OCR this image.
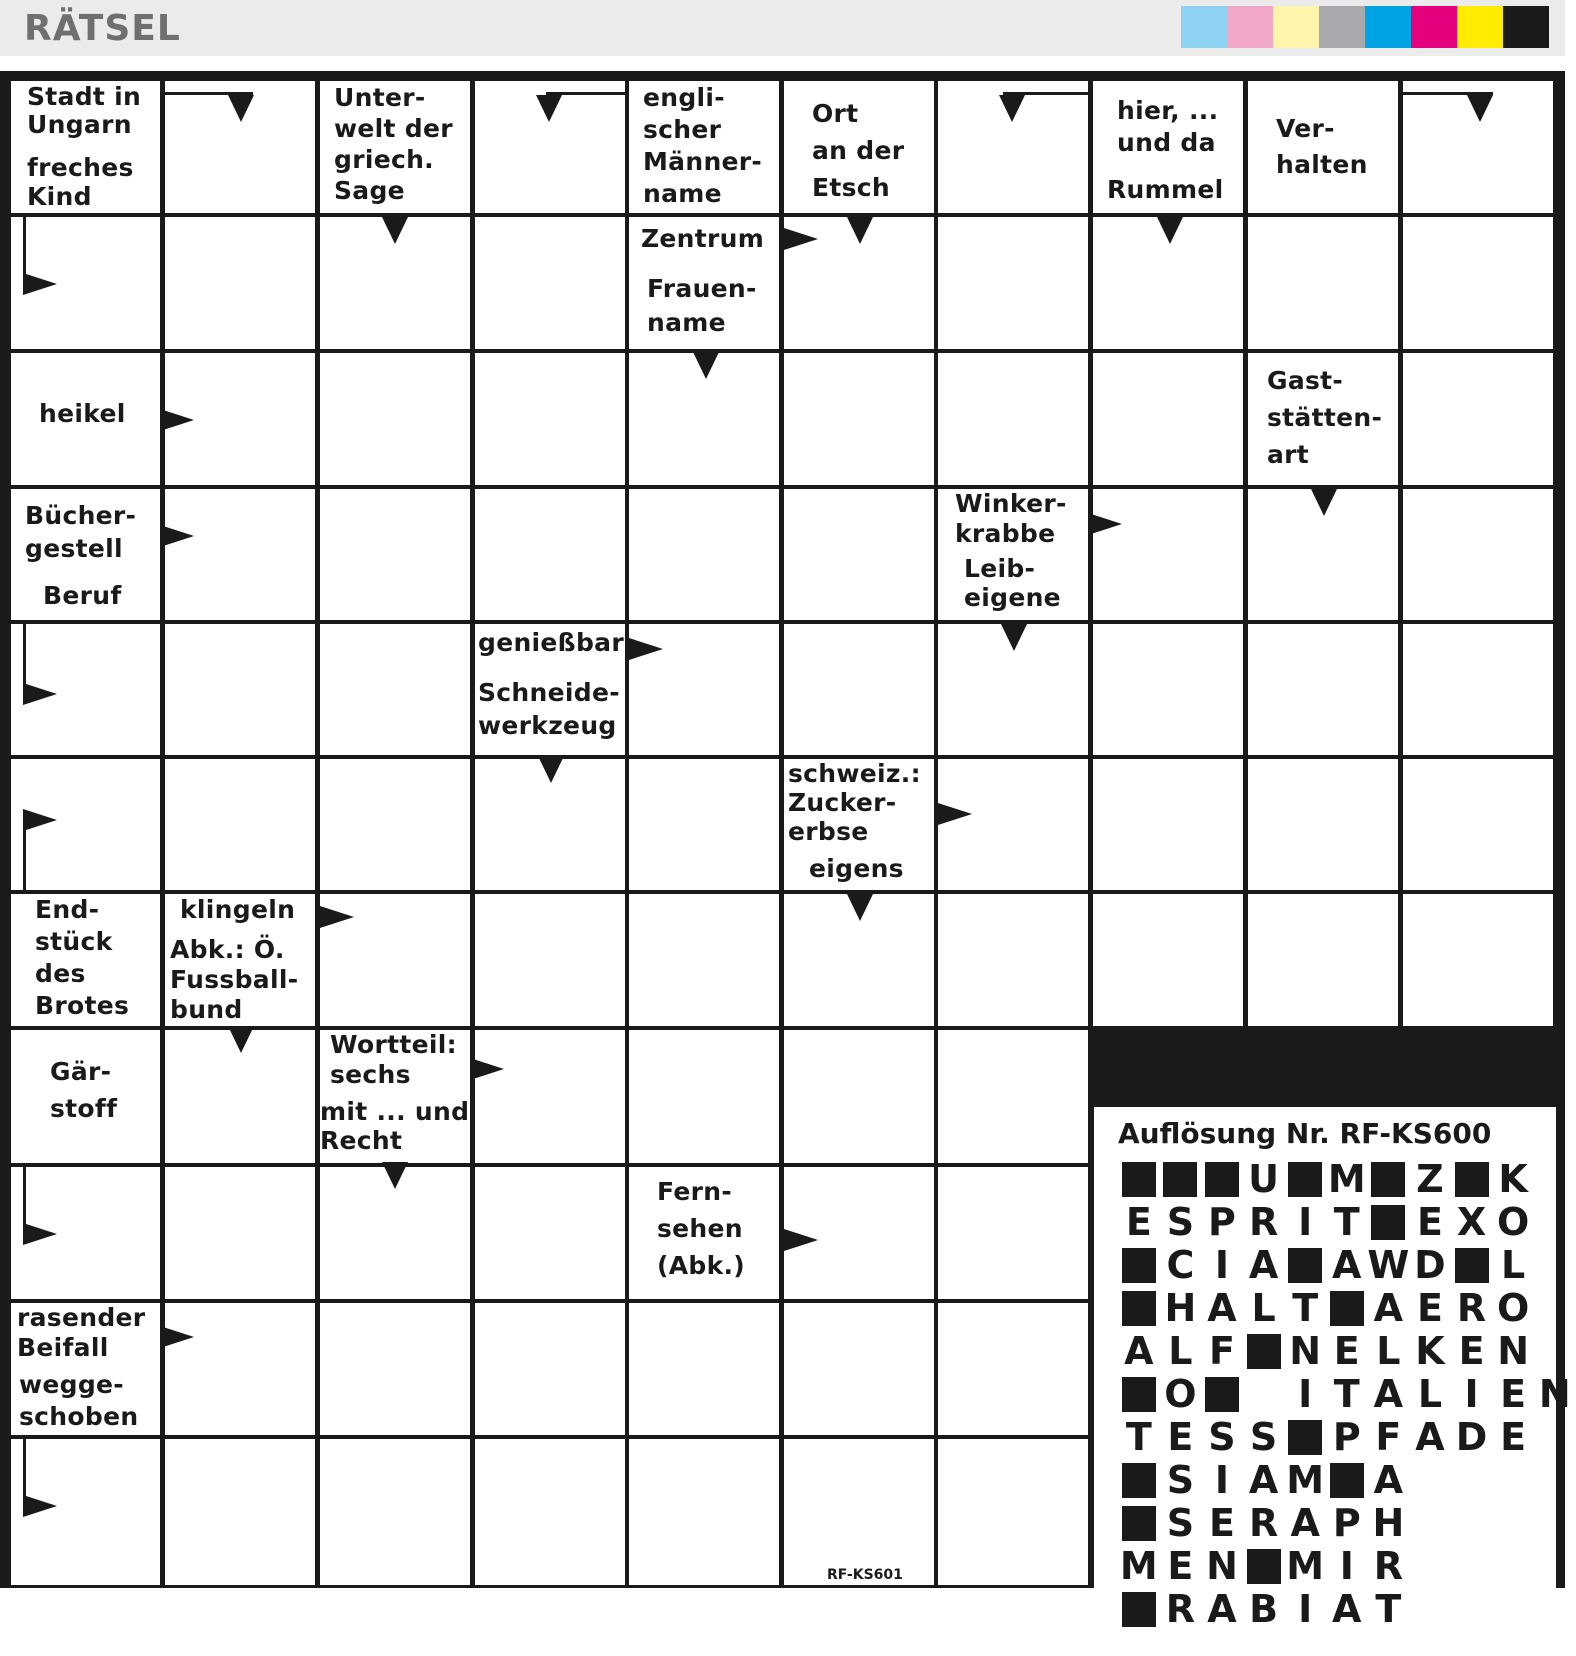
RÄTSEL
Stadt in
Ungarn
freches
Kind
Unter-
welt der
griech.
Sage
engli-
scher
Männer-
name
Ort
an der
Etsch
hier, ...
und da
Rummel
Ver-
halten
Zentrum
Frauen-
name
heikel
Gast-
stätten-
art
Bücher-
gestell
Beruf
Winker-
krabbe
Leib-
eigene
genießbar
Schneide-
werkzeug
schweiz.:
Zucker-
erbse
eigens
End-
stück
des
Brotes
klingeln
Abk.: Ö.
Fussball-
bund
Gär-
stoff
Wortteil:
sechs
mit ... und
Recht
Fern-
sehen
(Abk.)
rasender
Beifall
wegge-
schoben
Auflösung Nr. RF-KS600
U M Z K
E S P R I T E X O
C I A A W D L
H A L T A E R O
A L F N E L K E N
O	I T A L I E N
T E S S P F A D E
S I A M A
S E R A P H
M E N M I R
R A B I A T
RF-KS601
